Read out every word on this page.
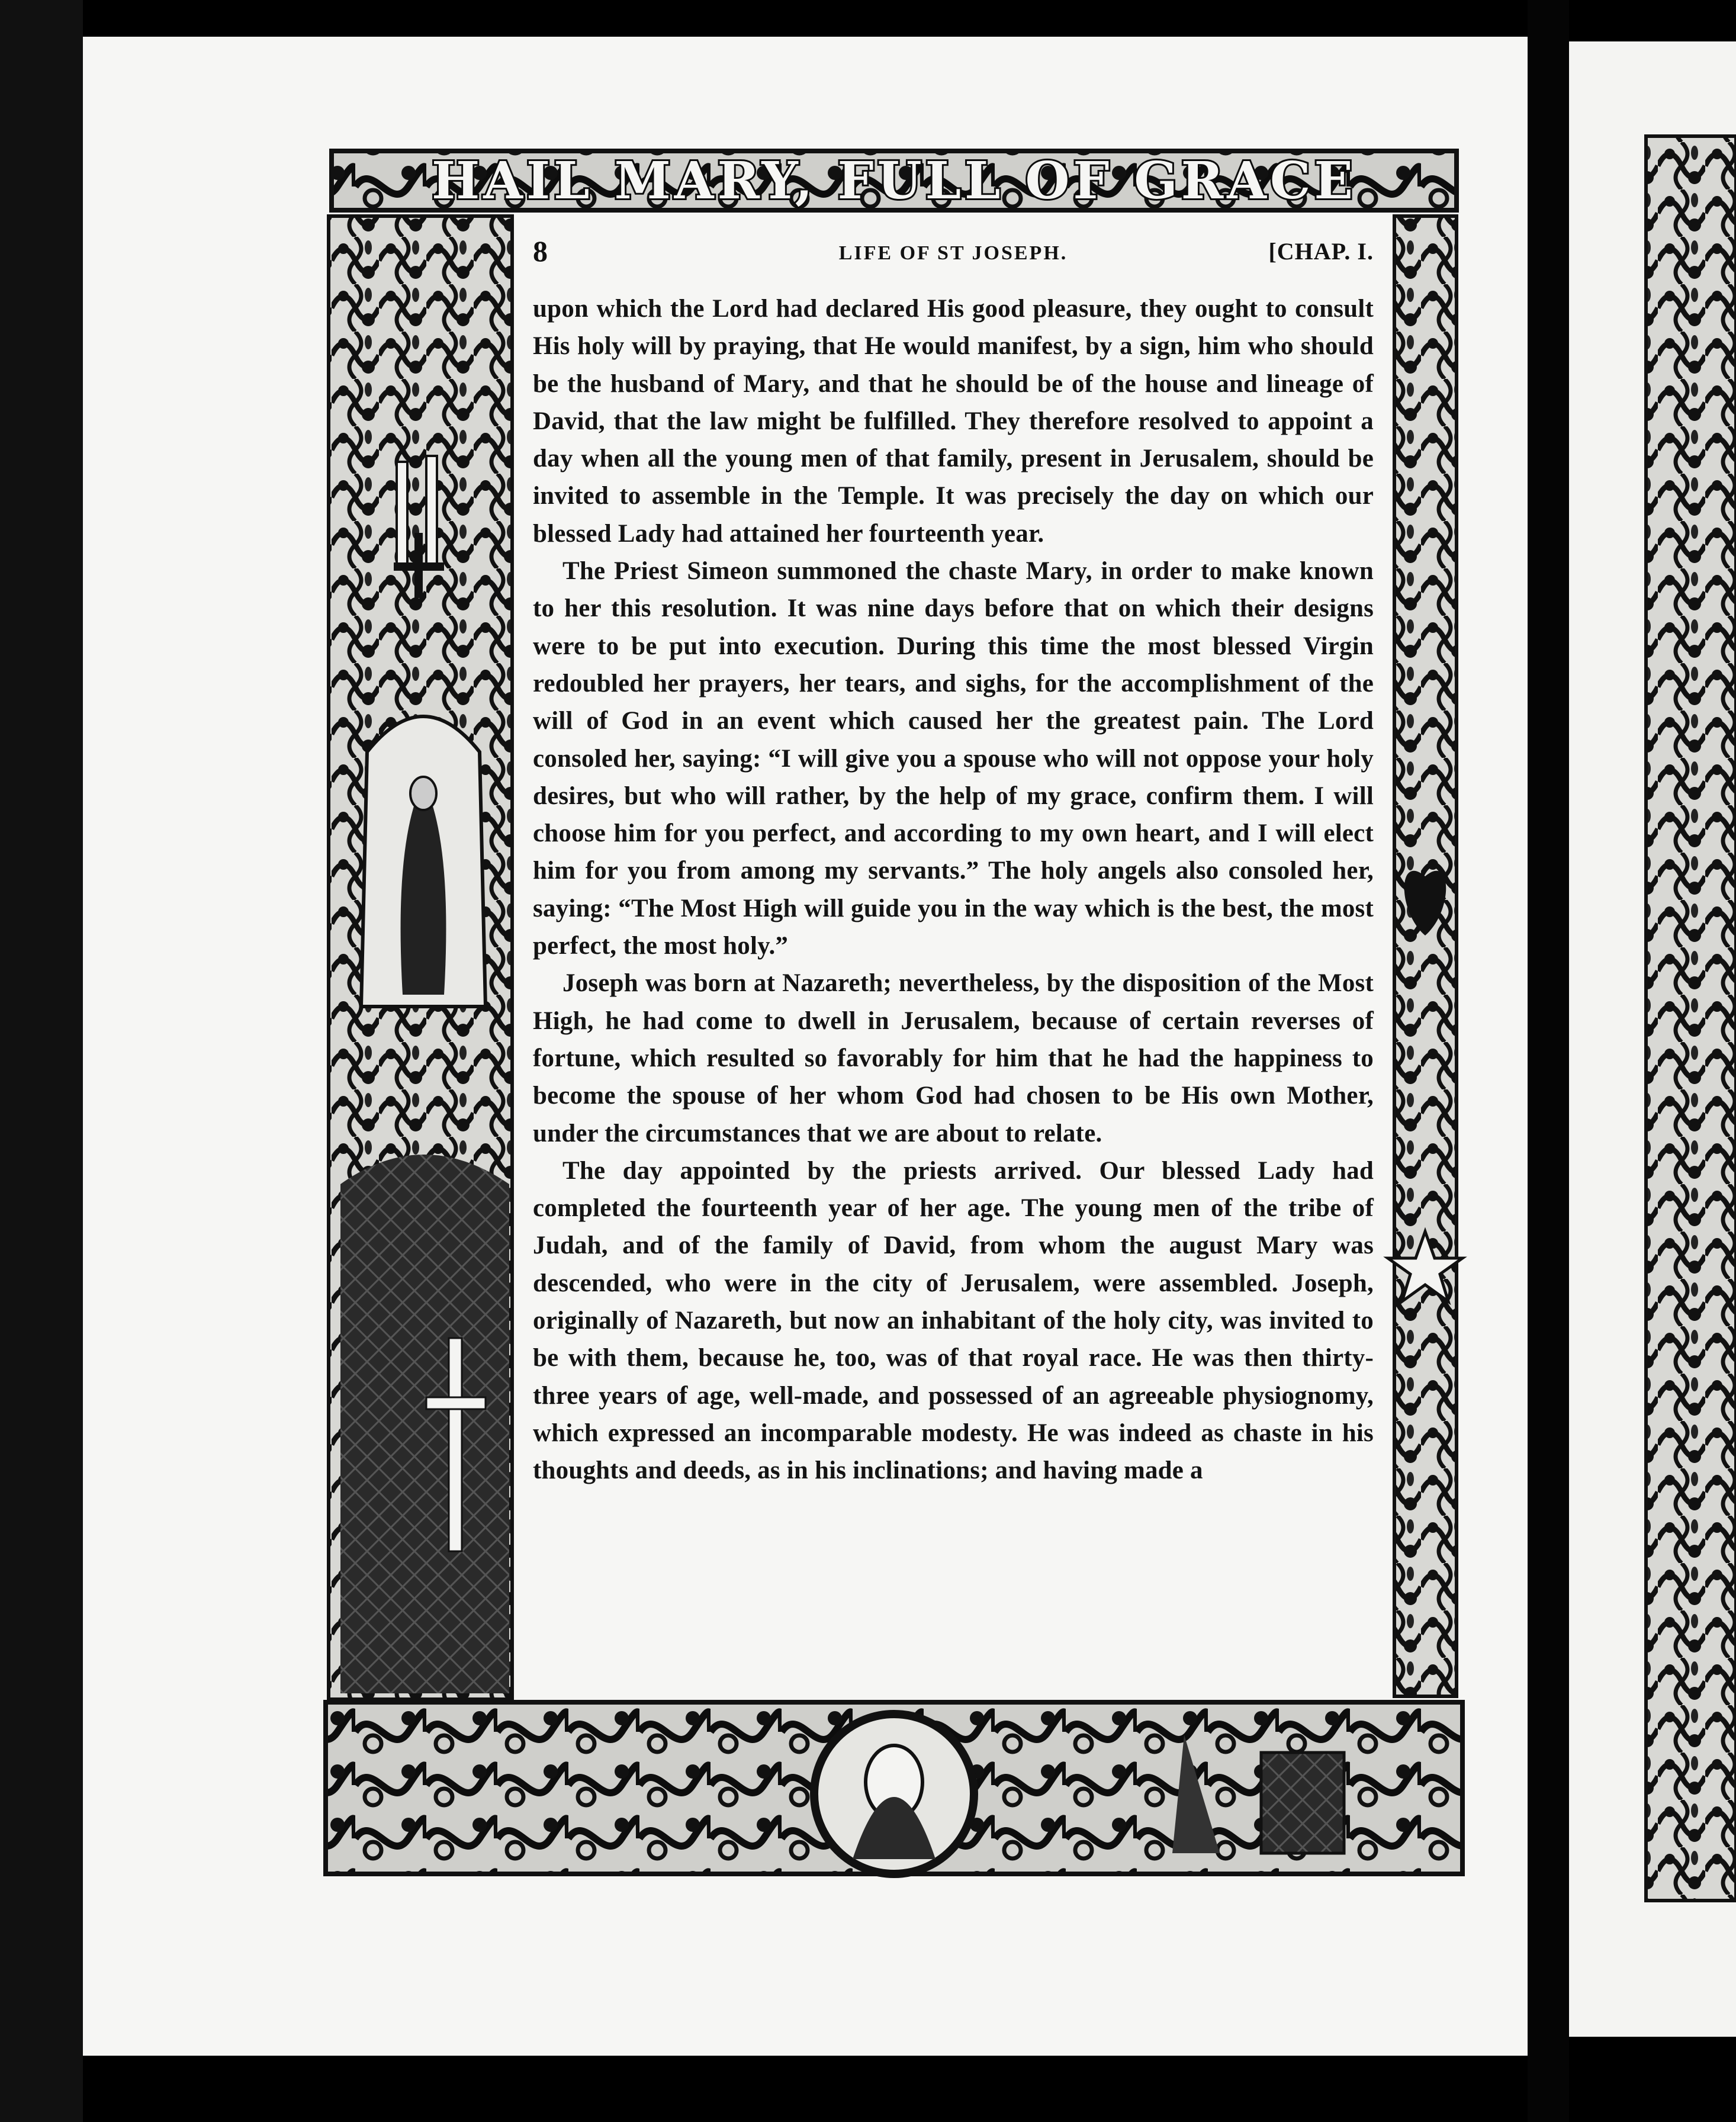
HAIL MARY, FULL OF GRACE
8	LIFE OF ST JOSEPH.	[CHAP. I.

upon which the Lord had declared His good pleasure, they ought to consult His holy will by praying, that He would manifest, by a sign, him who should be the husband of Mary, and that he should be of the house and lineage of David, that the law might be fulfilled. They therefore resolved to appoint a day when all the young men of that family, present in Jerusalem, should be invited to assemble in the Temple. It was precisely the day on which our blessed Lady had attained her fourteenth year.

The Priest Simeon summoned the chaste Mary, in order to make known to her this resolution. It was nine days before that on which their designs were to be put into execution. During this time the most blessed Virgin redoubled her prayers, her tears, and sighs, for the accomplishment of the will of God in an event which caused her the greatest pain. The Lord consoled her, saying: “I will give you a spouse who will not oppose your holy desires, but who will rather, by the help of my grace, confirm them. I will choose him for you perfect, and according to my own heart, and I will elect him for you from among my servants.” The holy angels also consoled her, saying: “The Most High will guide you in the way which is the best, the most perfect, the most holy.”

Joseph was born at Nazareth; nevertheless, by the disposition of the Most High, he had come to dwell in Jerusalem, because of certain reverses of fortune, which resulted so favorably for him that he had the happiness to become the spouse of her whom God had chosen to be His own Mother, under the circumstances that we are about to relate.

The day appointed by the priests arrived. Our blessed Lady had completed the fourteenth year of her age. The young men of the tribe of Judah, and of the family of David, from whom the august Mary was descended, who were in the city of Jerusalem, were assembled. Joseph, originally of Nazareth, but now an inhabitant of the holy city, was invited to be with them, because he, too, was of that royal race. He was then thirty-three years of age, well-made, and possessed of an agreeable physiognomy, which expressed an incomparable modesty. He was indeed as chaste in his thoughts and deeds, as in his inclinations; and having made a
